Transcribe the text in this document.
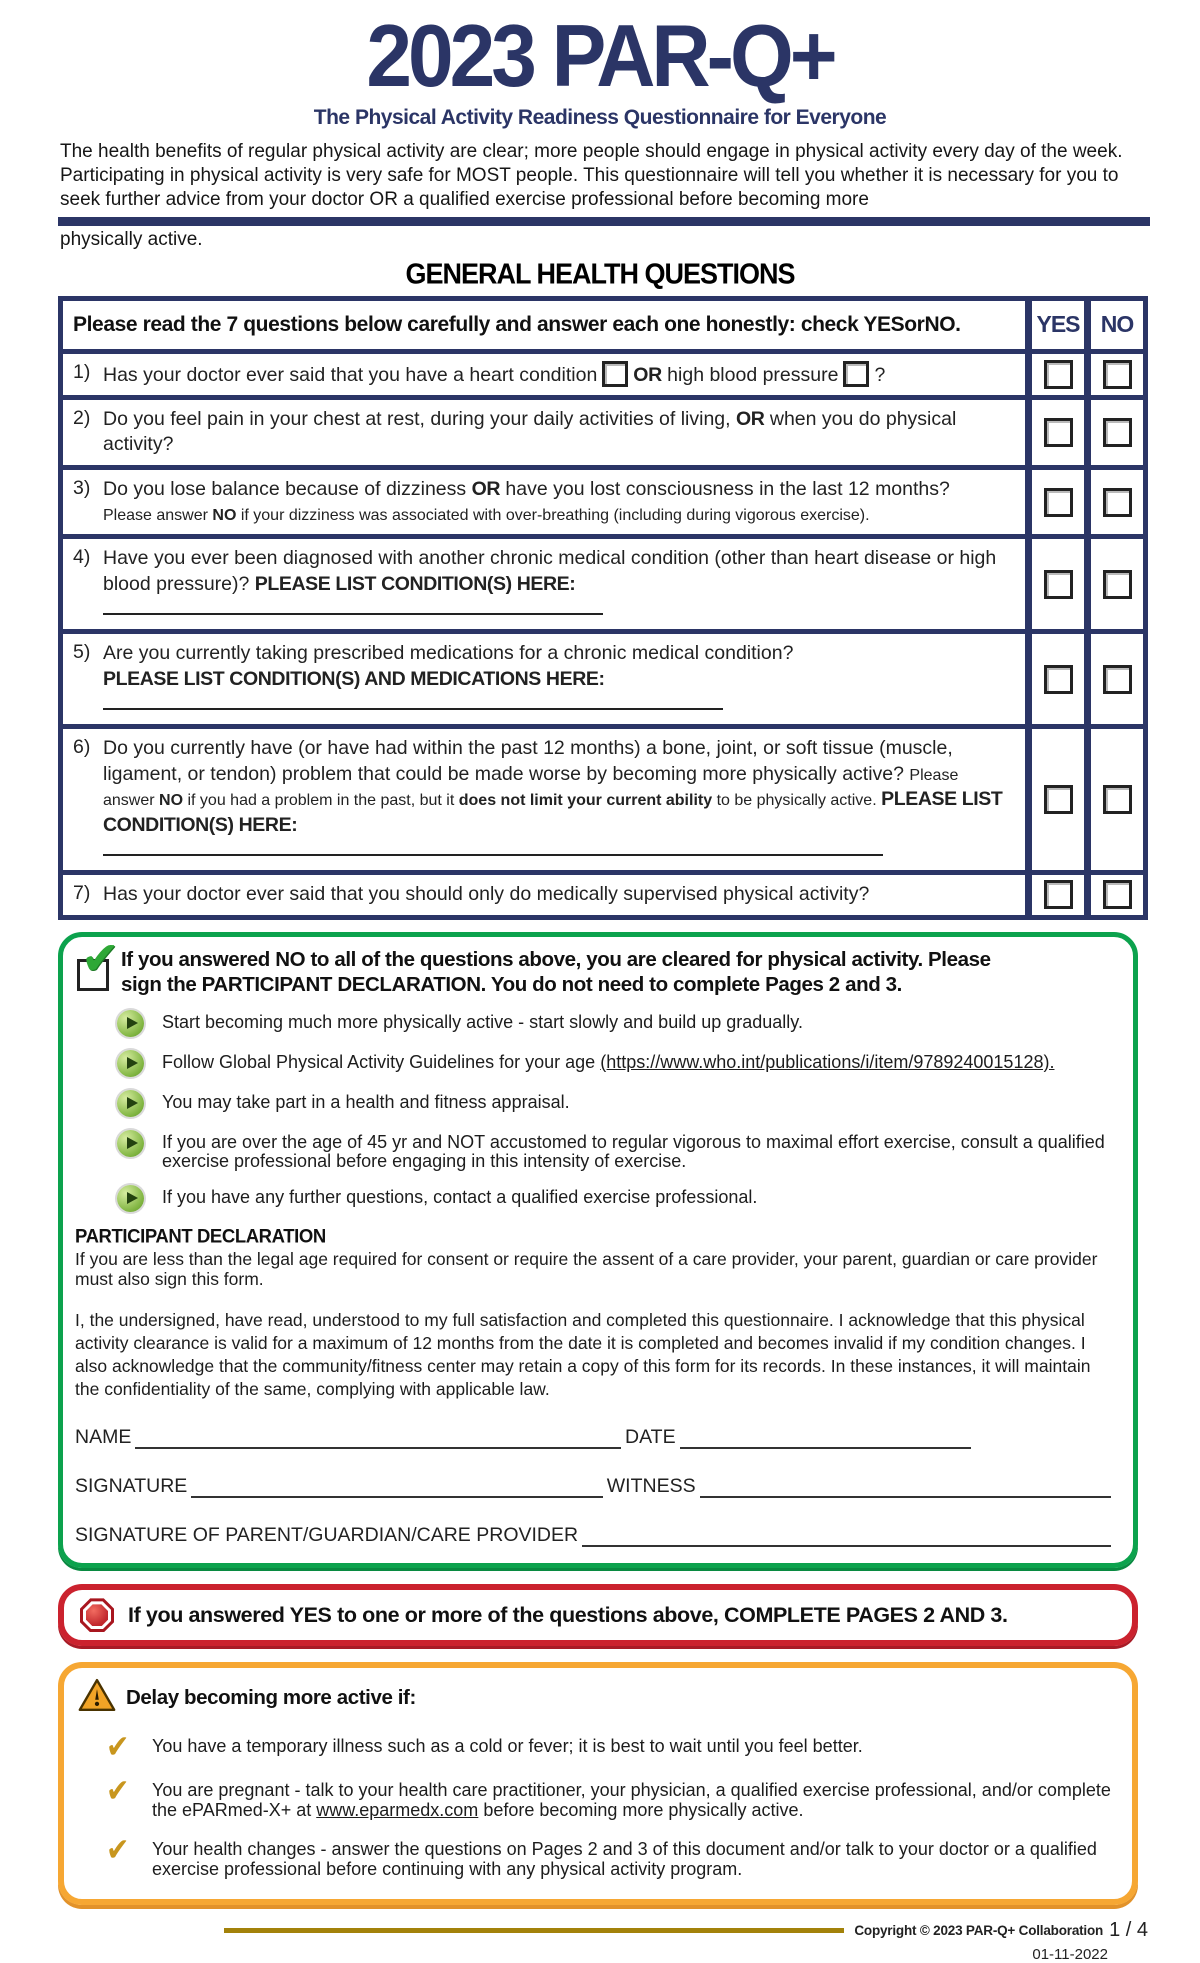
2023 PAR-Q+
The Physical Activity Readiness Questionnaire for Everyone

The health benefits of regular physical activity are clear; more people should engage in physical activity every day of the week. Participating in physical activity is very safe for MOST people. This questionnaire will tell you whether it is necessary for you to seek further advice from your doctor OR a qualified exercise professional before becoming more

physically active.

GENERAL HEALTH QUESTIONS
Please read the 7 questions below carefully and answer each one honestly: check YES or NO .	YES NO
1) Has your doctor ever said that you have a heart condition OR high blood pressure ?
2) Do you feel pain in your chest at rest, during your daily activities of living, OR when you do physical activity?
3) Do you lose balance because of dizziness OR have you lost consciousness in the last 12 months?
Please answer NO if your dizziness was associated with over-breathing (including during vigorous exercise).
4) Have you ever been diagnosed with another chronic medical condition (other than heart disease or high blood pressure)? PLEASE LIST CONDITION(S) HERE:
5) Are you currently taking prescribed medications for a chronic medical condition?
PLEASE LIST CONDITION(S) AND MEDICATIONS HERE:
6) Do you currently have (or have had within the past 12 months) a bone, joint, or soft tissue (muscle, ligament, or tendon) problem that could be made worse by becoming more physically active? Please answer NO if you had a problem in the past, but it does not limit your current ability to be physically active. PLEASE LIST CONDITION(S) HERE:
7) Has your doctor ever said that you should only do medically supervised physical activity?
✔ If you answered NO to all of the questions above, you are cleared for physical activity. Please sign the PARTICIPANT DECLARATION. You do not need to complete Pages 2 and 3.

Start becoming much more physically active - start slowly and build up gradually.
Follow Global Physical Activity Guidelines for your age (https://www.who.int/publications/i/item/9789240015128).
You may take part in a health and fitness appraisal.
If you are over the age of 45 yr and NOT accustomed to regular vigorous to maximal effort exercise, consult a qualified exercise professional before engaging in this intensity of exercise.
If you have any further questions, contact a qualified exercise professional.
PARTICIPANT DECLARATION

If you are less than the legal age required for consent or require the assent of a care provider, your parent, guardian or care provider must also sign this form.

I, the undersigned, have read, understood to my full satisfaction and completed this questionnaire. I acknowledge that this physical activity clearance is valid for a maximum of 12 months from the date it is completed and becomes invalid if my condition changes. I also acknowledge that the community/fitness center may retain a copy of this form for its records. In these instances, it will maintain the confidentiality of the same, complying with applicable law.

NAME	DATE
SIGNATURE	WITNESS
SIGNATURE OF PARENT/GUARDIAN/CARE PROVIDER

If you answered YES to one or more of the questions above, COMPLETE PAGES 2 AND 3.

Delay becoming more active if:
✔	You have a temporary illness such as a cold or fever; it is best to wait until you feel better.
✔	You are pregnant - talk to your health care practitioner, your physician, a qualified exercise professional, and/or complete the ePARmed-X+ at www.eparmedx.com before becoming more physically active.
✔	Your health changes - answer the questions on Pages 2 and 3 of this document and/or talk to your doctor or a qualified exercise professional before continuing with any physical activity program.
Copyright © 2023 PAR-Q+ Collaboration 1 / 4
01-11-2022
